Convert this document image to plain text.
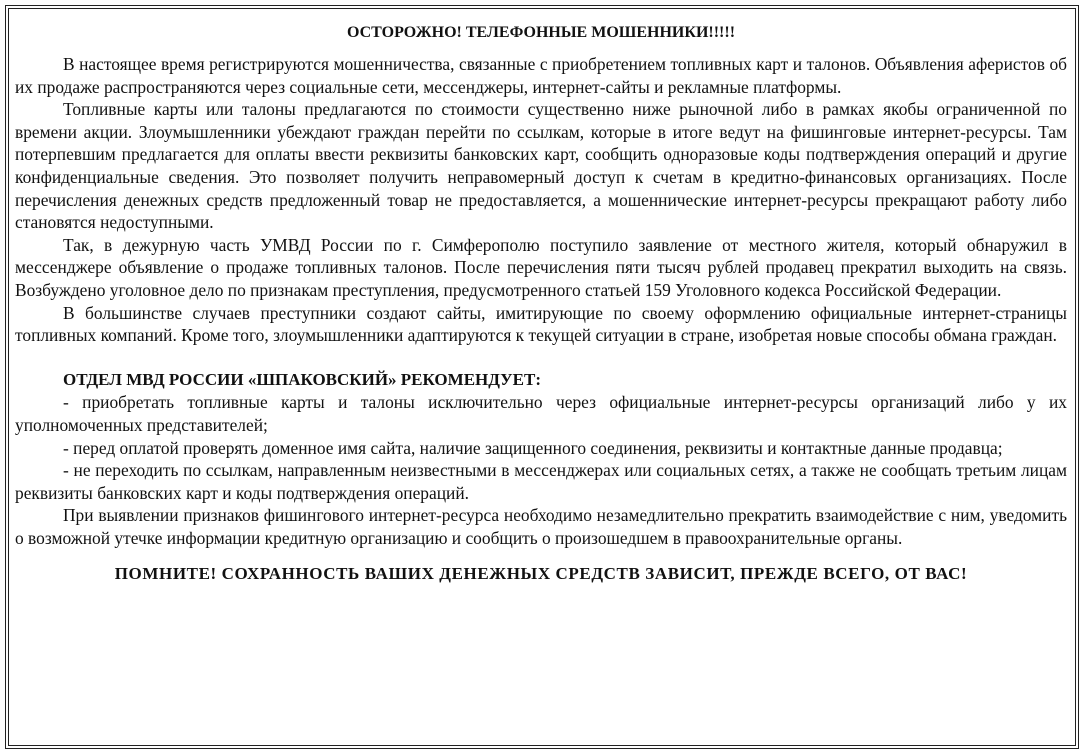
ОСТОРОЖНО! ТЕЛЕФОННЫЕ МОШЕННИКИ!!!!!

В настоящее время регистрируются мошенничества, связанные с приобретением топливных карт и талонов. Объявления аферистов об их продаже распространяются через социальные сети, мессенджеры, интернет-сайты и рекламные платформы.

Топливные карты или талоны предлагаются по стоимости существенно ниже рыночной либо в рамках якобы ограниченной по времени акции. Злоумышленники убеждают граждан перейти по ссылкам, которые в итоге ведут на фишинговые интернет-ресурсы. Там потерпевшим предлагается для оплаты ввести реквизиты банковских карт, сообщить одноразовые коды подтверждения операций и другие конфиденциальные сведения. Это позволяет получить неправомерный доступ к счетам в кредитно-финансовых организациях. После перечисления денежных средств предложенный товар не предоставляется, а мошеннические интернет-ресурсы прекращают работу либо становятся недоступными.

Так, в дежурную часть УМВД России по г. Симферополю поступило заявление от местного жителя, который обнаружил в мессенджере объявление о продаже топливных талонов. После перечисления пяти тысяч рублей продавец прекратил выходить на связь. Возбуждено уголовное дело по признакам преступления, предусмотренного статьей 159 Уголовного кодекса Российской Федерации.

В большинстве случаев преступники создают сайты, имитирующие по своему оформлению официальные интернет-страницы топливных компаний. Кроме того, злоумышленники адаптируются к текущей ситуации в стране, изобретая новые способы обмана граждан.

ОТДЕЛ МВД РОССИИ «ШПАКОВСКИЙ» РЕКОМЕНДУЕТ:

- приобретать топливные карты и талоны исключительно через официальные интернет-ресурсы организаций либо у их уполномоченных представителей;

- перед оплатой проверять доменное имя сайта, наличие защищенного соединения, реквизиты и контактные данные продавца;

- не переходить по ссылкам, направленным неизвестными в мессенджерах или социальных сетях, а также не сообщать третьим лицам реквизиты банковских карт и коды подтверждения операций.

При выявлении признаков фишингового интернет-ресурса необходимо незамедлительно прекратить взаимодействие с ним, уведомить о возможной утечке информации кредитную организацию и сообщить о произошедшем в правоохранительные органы.

ПОМНИТЕ! СОХРАННОСТЬ ВАШИХ ДЕНЕЖНЫХ СРЕДСТВ ЗАВИСИТ, ПРЕЖДЕ ВСЕГО, ОТ ВАС!
